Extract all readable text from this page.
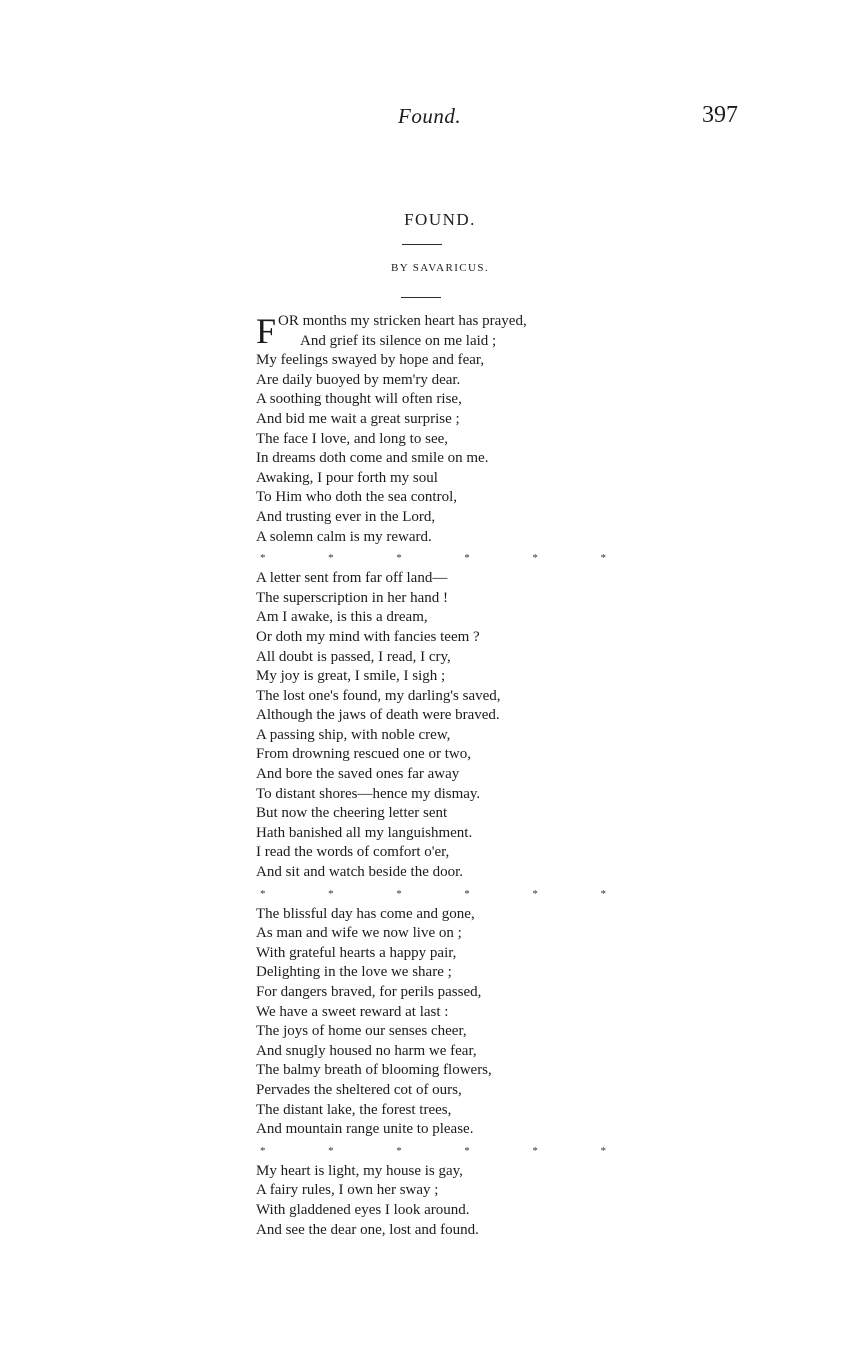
Found.	397
FOUND.
BY SAVARICUS.
F OR months my stricken heart has prayed,
And grief its silence on me laid ;
My feelings swayed by hope and fear,
Are daily buoyed by mem'ry dear.
A soothing thought will often rise,
And bid me wait a great surprise ;
The face I love, and long to see,
In dreams doth come and smile on me.
Awaking, I pour forth my soul
To Him who doth the sea control,
And trusting ever in the Lord,
A solemn calm is my reward.
*	*	*	*	*	*
A letter sent from far off land—
The superscription in her hand !
Am I awake, is this a dream,
Or doth my mind with fancies teem ?
All doubt is passed, I read, I cry,
My joy is great, I smile, I sigh ;
The lost one's found, my darling's saved,
Although the jaws of death were braved.
A passing ship, with noble crew,
From drowning rescued one or two,
And bore the saved ones far away
To distant shores—hence my dismay.
But now the cheering letter sent
Hath banished all my languishment.
I read the words of comfort o'er,
And sit and watch beside the door.
*	*	*	*	*	*
The blissful day has come and gone,
As man and wife we now live on ;
With grateful hearts a happy pair,
Delighting in the love we share ;
For dangers braved, for perils passed,
We have a sweet reward at last :
The joys of home our senses cheer,
And snugly housed no harm we fear,
The balmy breath of blooming flowers,
Pervades the sheltered cot of ours,
The distant lake, the forest trees,
And mountain range unite to please.
*	*	*	*	*	*
My heart is light, my house is gay,
A fairy rules, I own her sway ;
With gladdened eyes I look around.
And see the dear one, lost and found.
